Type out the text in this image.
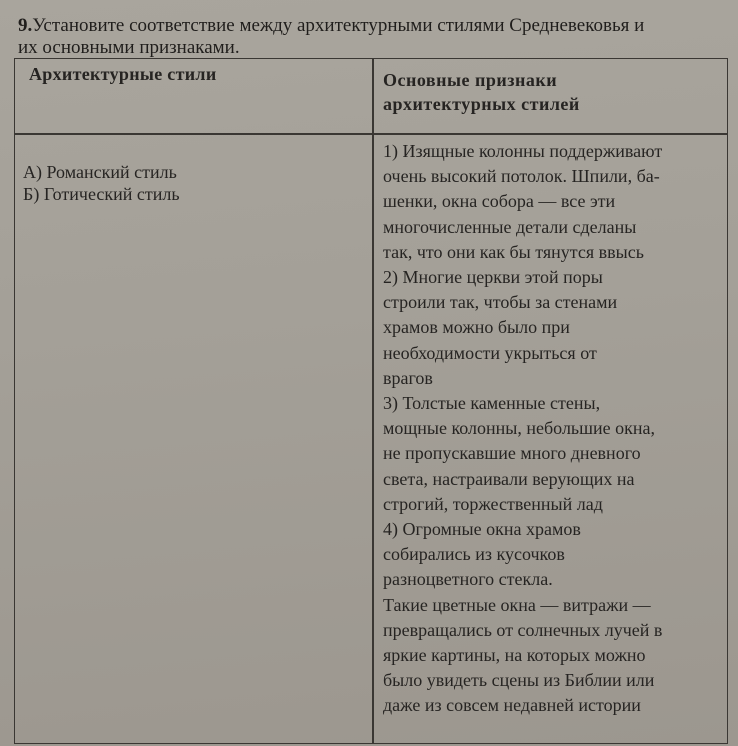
9.Установите соответствие между архитектурными стилями Средневековья и
их основными признаками.
Архитектурные стили	Основные признаки
архитектурных стилей
А) Романский стиль
Б) Готический стиль
1) Изящные колонны поддерживают
очень высокий потолок. Шпили, ба-
шенки, окна собора — все эти
многочисленные детали сделаны
так, что они как бы тянутся ввысь
2) Многие церкви этой поры
строили так, чтобы за стенами
храмов можно было при
необходимости укрыться от
врагов
3) Толстые каменные стены,
мощные колонны, небольшие окна,
не пропускавшие много дневного
света, настраивали верующих на
строгий, торжественный лад
4) Огромные окна храмов
собирались из кусочков
разноцветного стекла.
Такие цветные окна — витражи —
превращались от солнечных лучей в
яркие картины, на которых можно
было увидеть сцены из Библии или
даже из совсем недавней истории
